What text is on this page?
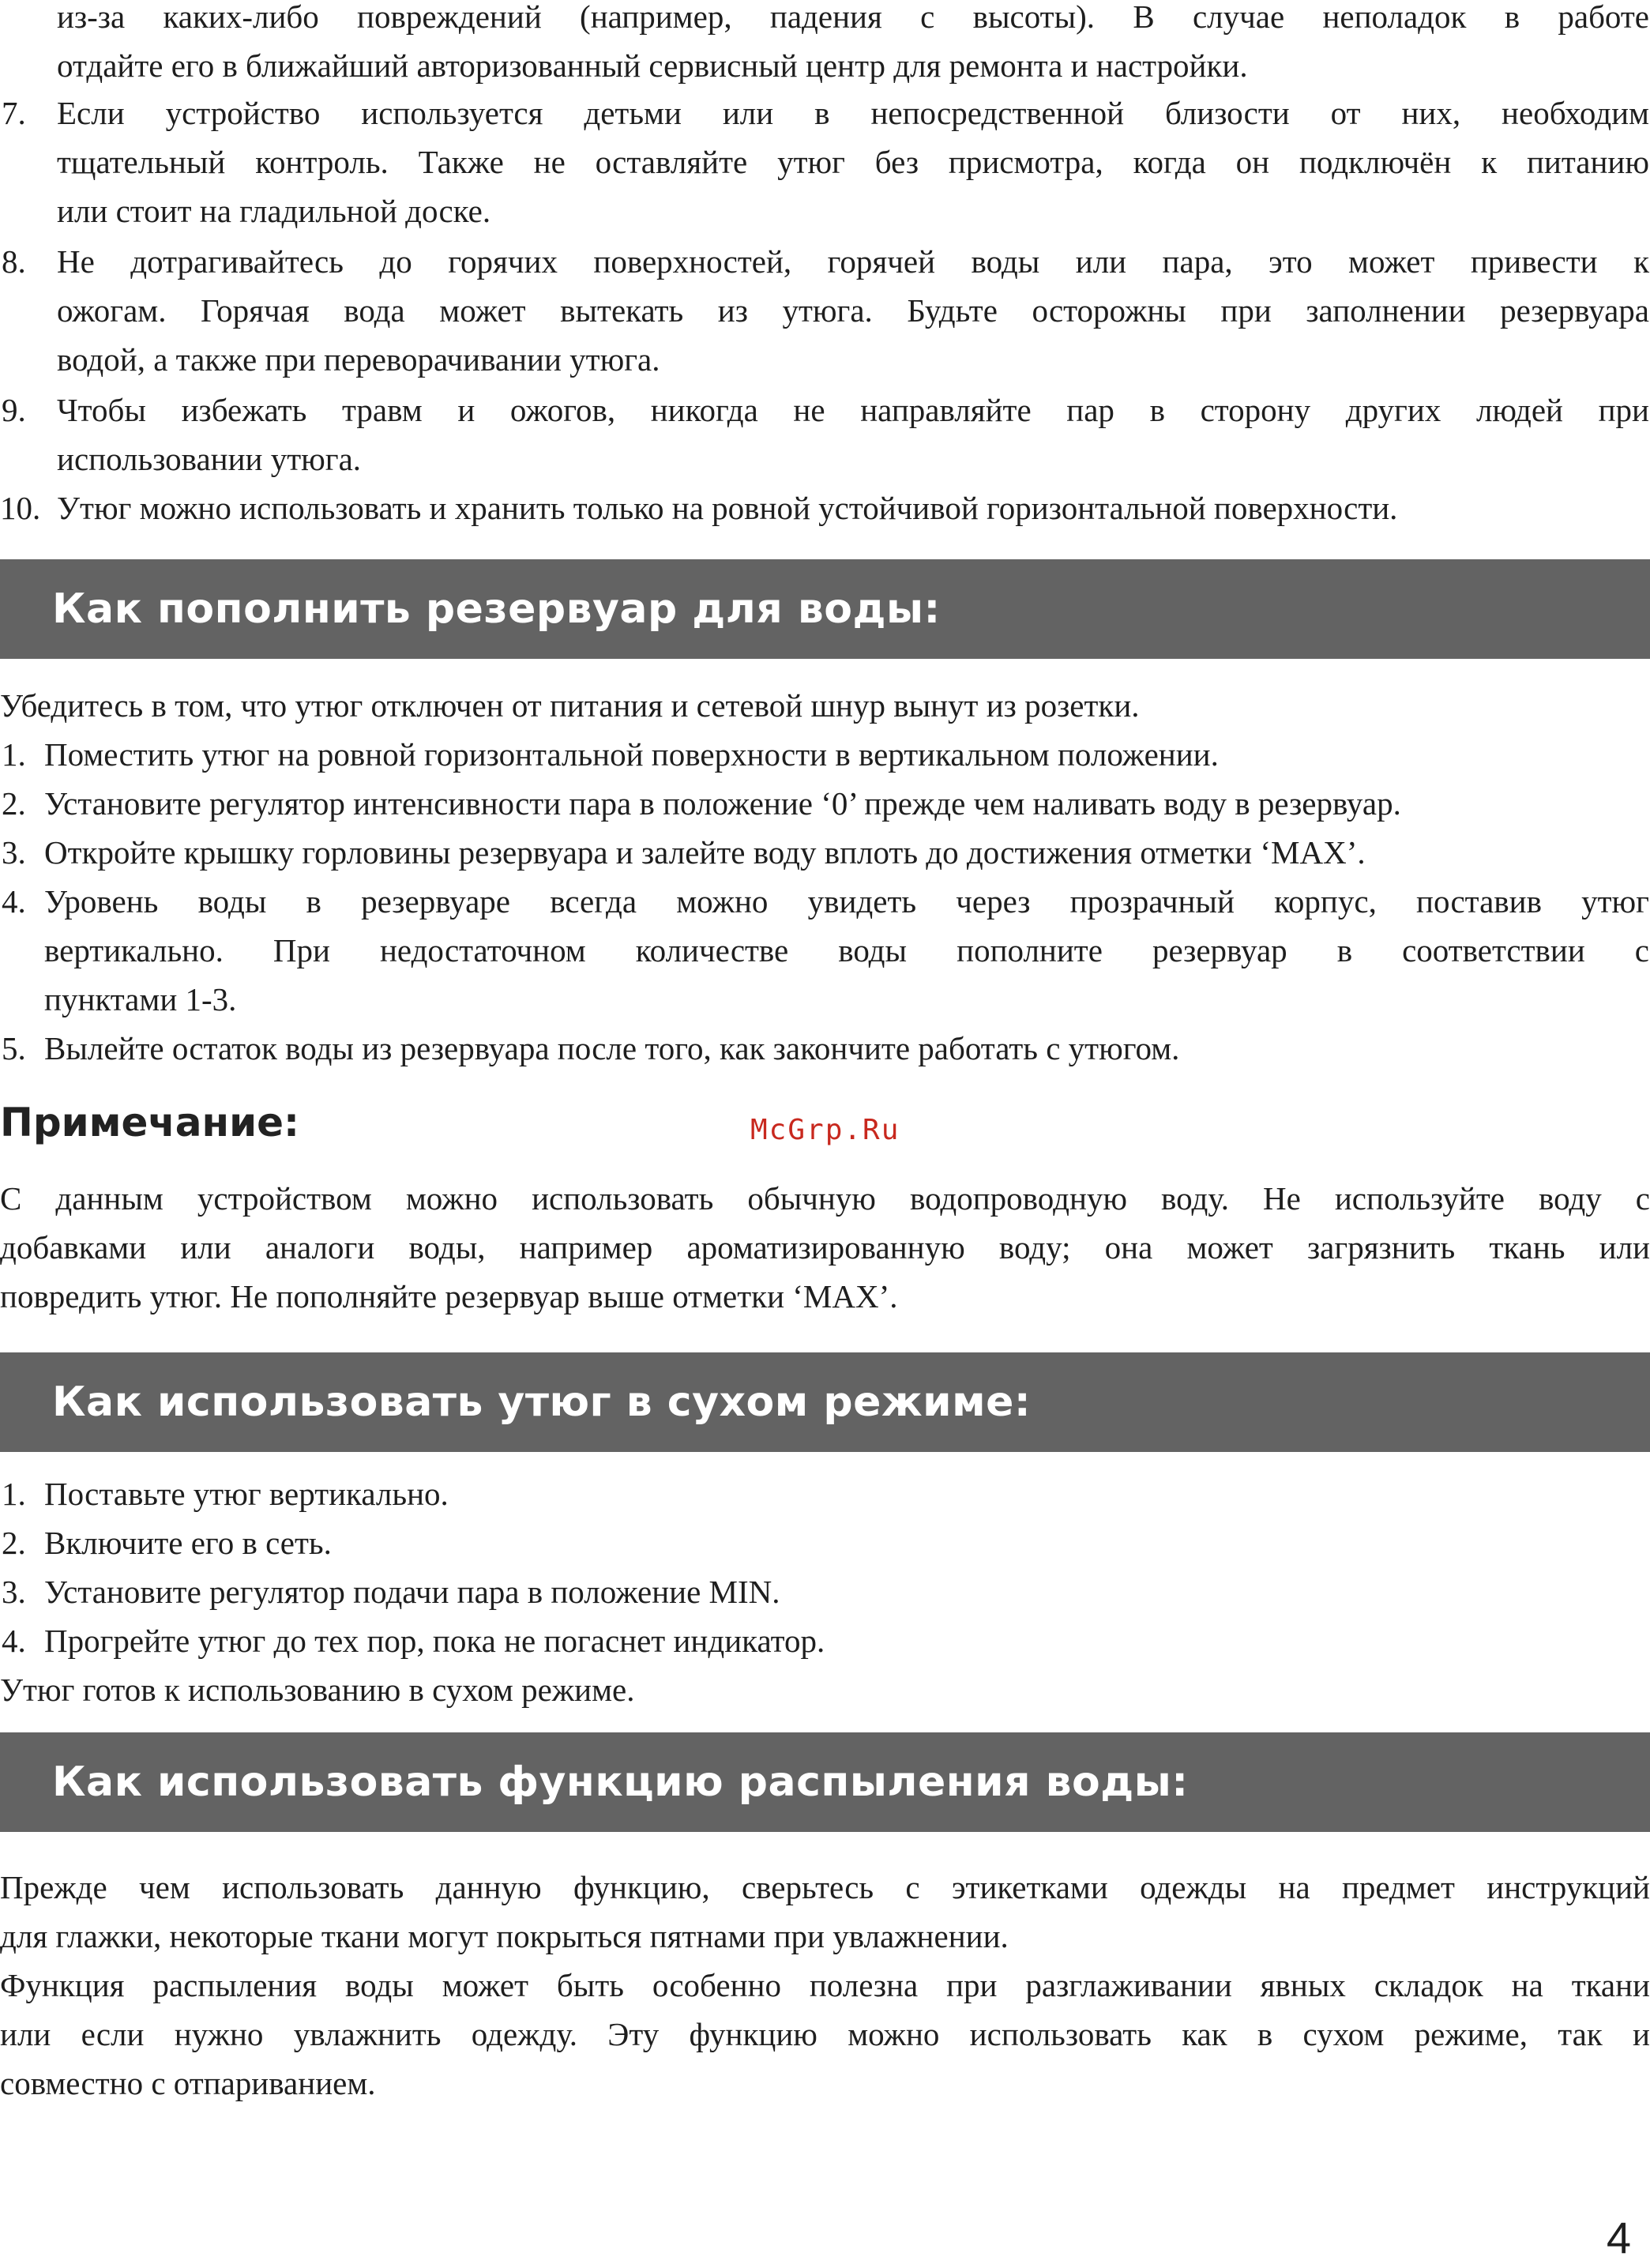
из-за каких-либо повреждений (например, падения с высоты). В случае неполадок в работе
отдайте его в ближайший авторизованный сервисный центр для ремонта и настройки.
7. Если устройство используется детьми или в непосредственной близости от них, необходим
тщательный контроль. Также не оставляйте утюг без присмотра, когда он подключён к питанию
или стоит на гладильной доске.
8. Не дотрагивайтесь до горячих поверхностей, горячей воды или пара, это может привести к
ожогам. Горячая вода может вытекать из утюга. Будьте осторожны при заполнении резервуара
водой, а также при переворачивании утюга.
9. Чтобы избежать травм и ожогов, никогда не направляйте пар в сторону других людей при
использовании утюга.
10. Утюг можно использовать и хранить только на ровной устойчивой горизонтальной поверхности.
Как пополнить резервуар для воды:
Убедитесь в том, что утюг отключен от питания и сетевой шнур вынут из розетки.
1. Поместить утюг на ровной горизонтальной поверхности в вертикальном положении.
2. Установите регулятор интенсивности пара в положение ‘0’ прежде чем наливать воду в резервуар.
3. Откройте крышку горловины резервуара и залейте воду вплоть до достижения отметки ‘MAX’.
4. Уровень воды в резервуаре всегда можно увидеть через прозрачный корпус, поставив утюг
вертикально. При недостаточном количестве воды пополните резервуар в соответствии с
пунктами 1-3.
5. Вылейте остаток воды из резервуара после того, как закончите работать с утюгом.
Примечание:	McGrp.Ru
С данным устройством можно использовать обычную водопроводную воду. Не используйте воду с
добавками или аналоги воды, например ароматизированную воду; она может загрязнить ткань или
повредить утюг. Не пополняйте резервуар выше отметки ‘MAX’.
Как использовать утюг в сухом режиме:
1. Поставьте утюг вертикально.
2. Включите его в сеть.
3. Установите регулятор подачи пара в положение MIN.
4. Прогрейте утюг до тех пор, пока не погаснет индикатор.
Утюг готов к использованию в сухом режиме.
Как использовать функцию распыления воды:
Прежде чем использовать данную функцию, сверьтесь с этикетками одежды на предмет инструкций
для глажки, некоторые ткани могут покрыться пятнами при увлажнении.
Функция распыления воды может быть особенно полезна при разглаживании явных складок на ткани
или если нужно увлажнить одежду. Эту функцию можно использовать как в сухом режиме, так и
совместно с отпариванием.
4
